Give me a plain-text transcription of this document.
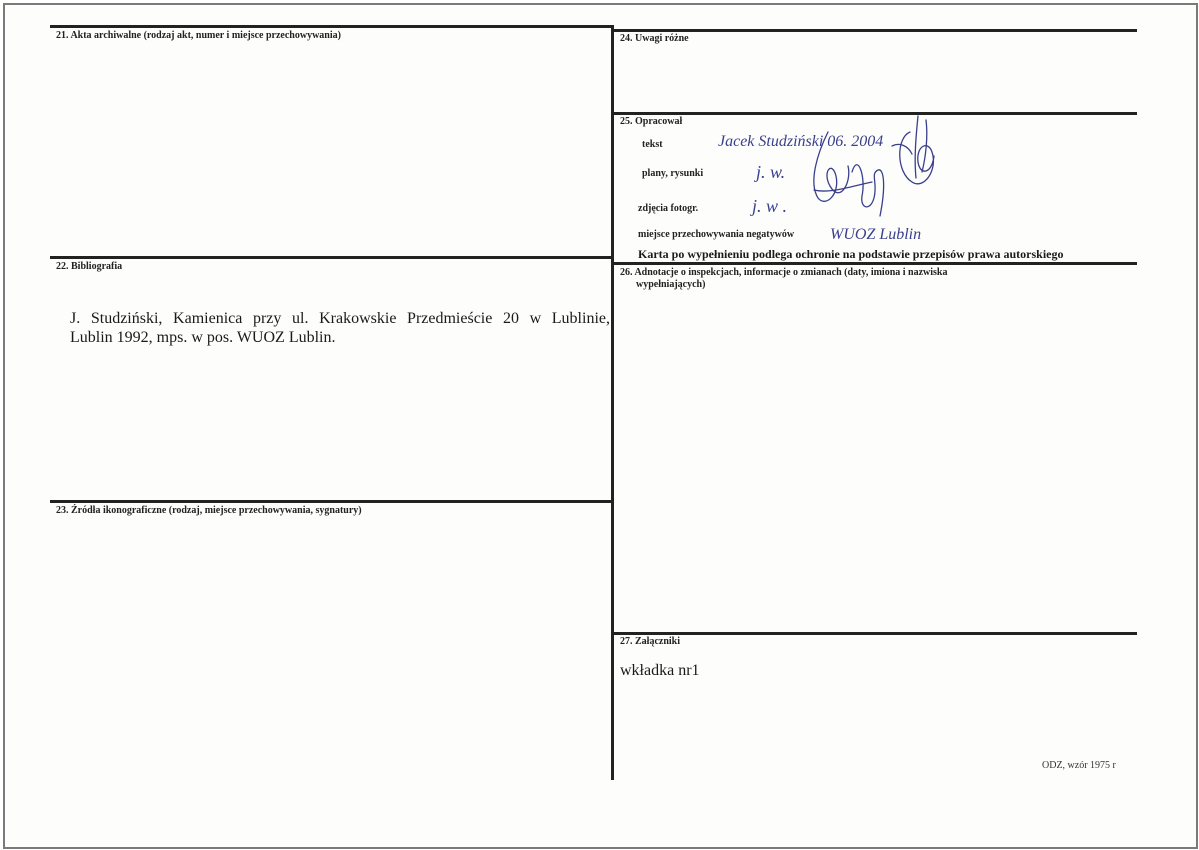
21. Akta archiwalne (rodzaj akt, numer i miejsce przechowywania)	24. Uwagi różne
25. Opracował
tekst	Jacek Studziński 06. 2004
plany, rysunki	j. w.
zdjęcia fotogr.	j. w .
miejsce przechowywania negatywów WUOZ Lublin
Karta po wypełnieniu podlega ochronie na podstawie przepisów prawa autorskiego
22. Bibliografia
J. Studziński, Kamienica przy ul. Krakowskie Przedmieście 20 w Lublinie,
Lublin 1992, mps. w pos. WUOZ Lublin.
26. Adnotacje o inspekcjach, informacje o zmianach (daty, imiona i nazwiska
wypełniających)
23. Źródła ikonograficzne (rodzaj, miejsce przechowywania, sygnatury)
27. Załączniki
wkładka nr1
ODZ, wzór 1975 r
